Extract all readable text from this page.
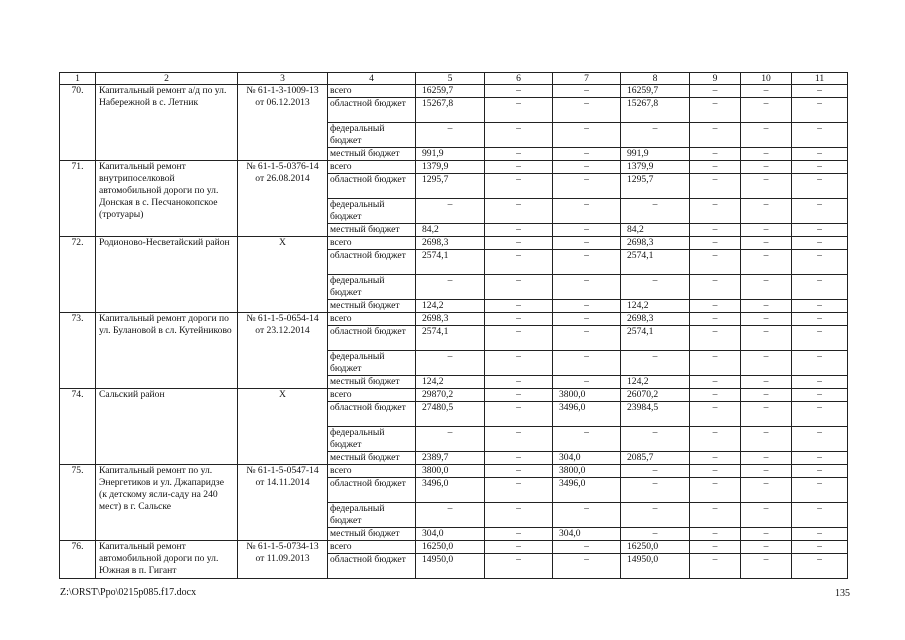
1	2	3	4	5	6	7	8	9	10	11
70.	Капитальный ремонт а/д по ул. Набережной в с. Летник	№ 61-1-3-1009-13 от 06.12.2013	всего	16259,7	–	–	16259,7	–	–	–
			областной бюджет	15267,8	–	–	15267,8	–	–	–
			федеральный бюджет	–	–	–	–	–	–	–
			местный бюджет	991,9	–	–	991,9	–	–	–
71.	Капитальный ремонт внутрипоселковой автомобильной дороги по ул. Донская в с. Песчанокопское (тротуары)	№ 61-1-5-0376-14 от 26.08.2014	всего	1379,9	–	–	1379,9	–	–	–
			областной бюджет	1295,7	–	–	1295,7	–	–	–
			федеральный бюджет	–	–	–	–	–	–	–
			местный бюджет	84,2	–	–	84,2	–	–	–
72.	Родионово-Несветайский район	Х	всего	2698,3	–	–	2698,3	–	–	–
			областной бюджет	2574,1	–	–	2574,1	–	–	–
			федеральный бюджет	–	–	–	–	–	–	–
			местный бюджет	124,2	–	–	124,2	–	–	–
73.	Капитальный ремонт дороги по ул. Булановой в сл. Кутейниково	№ 61-1-5-0654-14 от 23.12.2014	всего	2698,3	–	–	2698,3	–	–	–
			областной бюджет	2574,1	–	–	2574,1	–	–	–
			федеральный бюджет	–	–	–	–	–	–	–
			местный бюджет	124,2	–	–	124,2	–	–	–
74.	Сальский район	Х	всего	29870,2	–	3800,0	26070,2	–	–	–
			областной бюджет	27480,5	–	3496,0	23984,5	–	–	–
			федеральный бюджет	–	–	–	–	–	–	–
			местный бюджет	2389,7	–	304,0	2085,7	–	–	–
75.	Капитальный ремонт по ул. Энергетиков и ул. Джапаридзе (к детскому ясли-саду на 240 мест) в г. Сальске	№ 61-1-5-0547-14 от 14.11.2014	всего	3800,0	–	3800,0	–	–	–	–
			областной бюджет	3496,0	–	3496,0	–	–	–	–
			федеральный бюджет	–	–	–	–	–	–	–
			местный бюджет	304,0	–	304,0	–	–	–	–
76.	Капитальный ремонт автомобильной дороги по ул. Южная в п. Гигант	№ 61-1-5-0734-13 от 11.09.2013	всего	16250,0	–	–	16250,0	–	–	–
			областной бюджет	14950,0	–	–	14950,0	–	–	–
Z:\ORST\Ppo\0215p085.f17.docx	135
